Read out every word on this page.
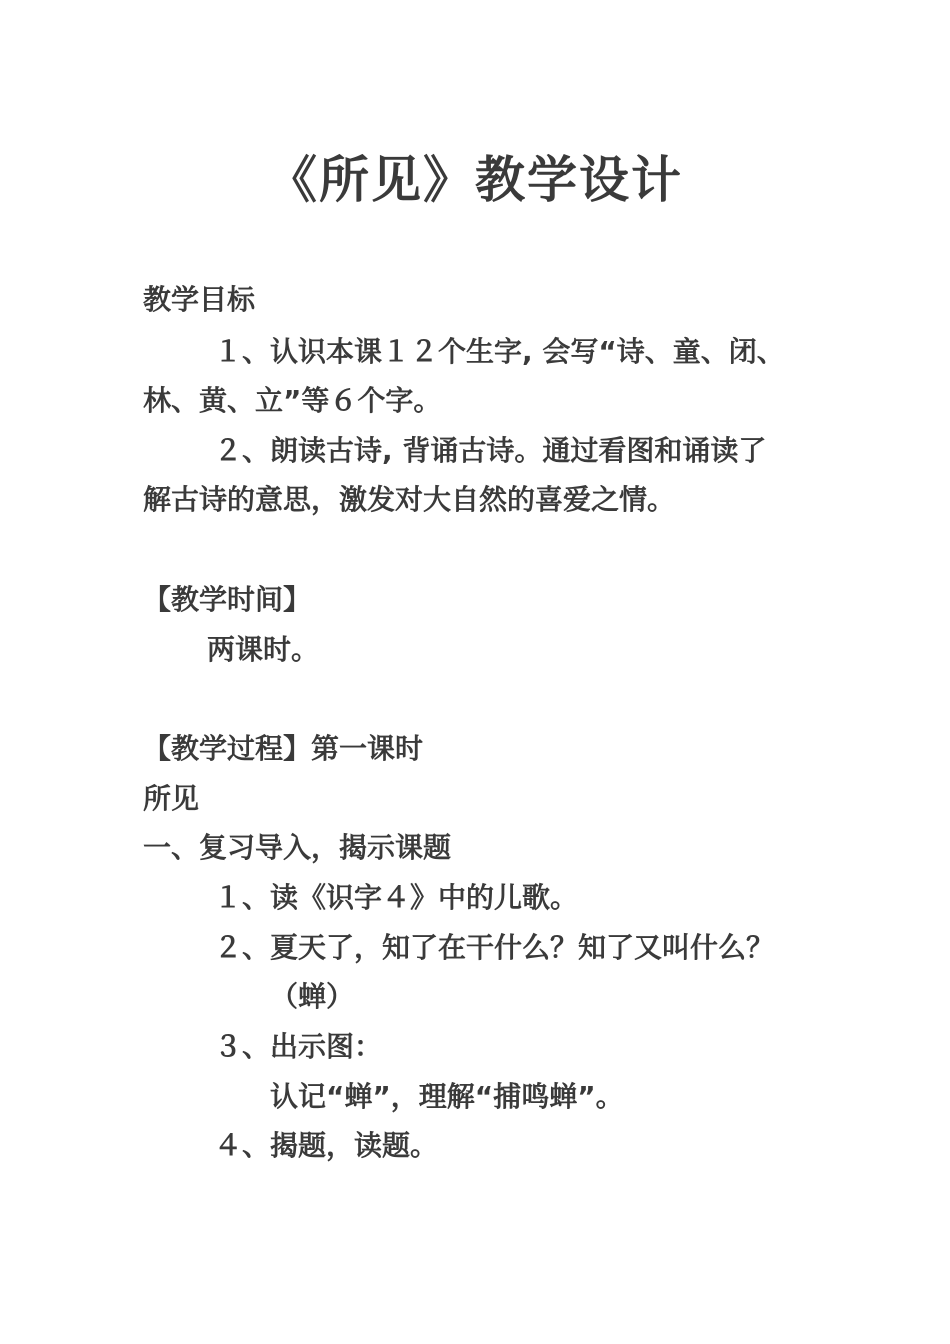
《所见》教学设计
教学目标
１、认识本课１２个生字, 会写“诗、童、闭、
林、黄、立”等６个字。
２、朗读古诗, 背诵古诗。通过看图和诵读了
解古诗的意思，激发对大自然的喜爱之情。
【教学时间】
两课时。
【教学过程】第一课时
所见
一、复习导入，揭示课题
１、读《识字４》中的儿歌。
２、夏天了，知了在干什么？知了又叫什么？
（蝉）
３、出示图：
认记“蝉”，理解“捕鸣蝉”。
４、揭题，读题。
